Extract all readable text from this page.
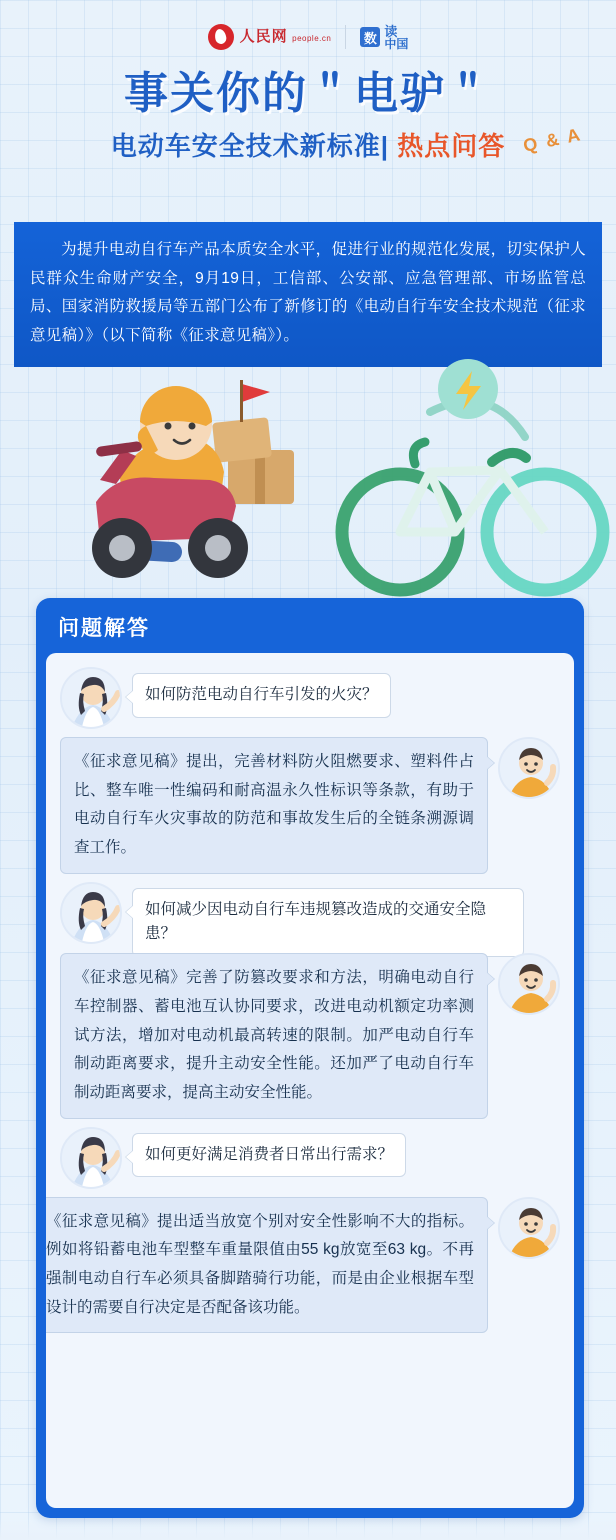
人民网 people.cn 数 读
中国
事关你的＂电驴＂
电动车安全技术新标准| 热点问答 Q & A
为提升电动自行车产品本质安全水平，促进行业的规范化发展，切实保护人民群众生命财产安全，9月19日，工信部、公安部、应急管理部、市场监管总局、国家消防救援局等五部门公布了新修订的《电动自行车安全技术规范（征求意见稿）》（以下简称《征求意见稿》）。
问题解答
如何防范电动自行车引发的火灾？
《征求意见稿》提出，完善材料防火阻燃要求、塑料件占比、整车唯一性编码和耐高温永久性标识等条款，有助于电动自行车火灾事故的防范和事故发生后的全链条溯源调查工作。
如何减少因电动自行车违规篡改造成的交通安全隐患？
《征求意见稿》完善了防篡改要求和方法，明确电动自行车控制器、蓄电池互认协同要求，改进电动机额定功率测试方法，增加对电动机最高转速的限制。加严电动自行车制动距离要求，提升主动安全性能。还加严了电动自行车制动距离要求，提高主动安全性能。
如何更好满足消费者日常出行需求？
《征求意见稿》提出适当放宽个别对安全性影响不大的指标。例如将铅蓄电池车型整车重量限值由55 kg放宽至63 kg。不再强制电动自行车必须具备脚踏骑行功能，而是由企业根据车型设计的需要自行决定是否配备该功能。
